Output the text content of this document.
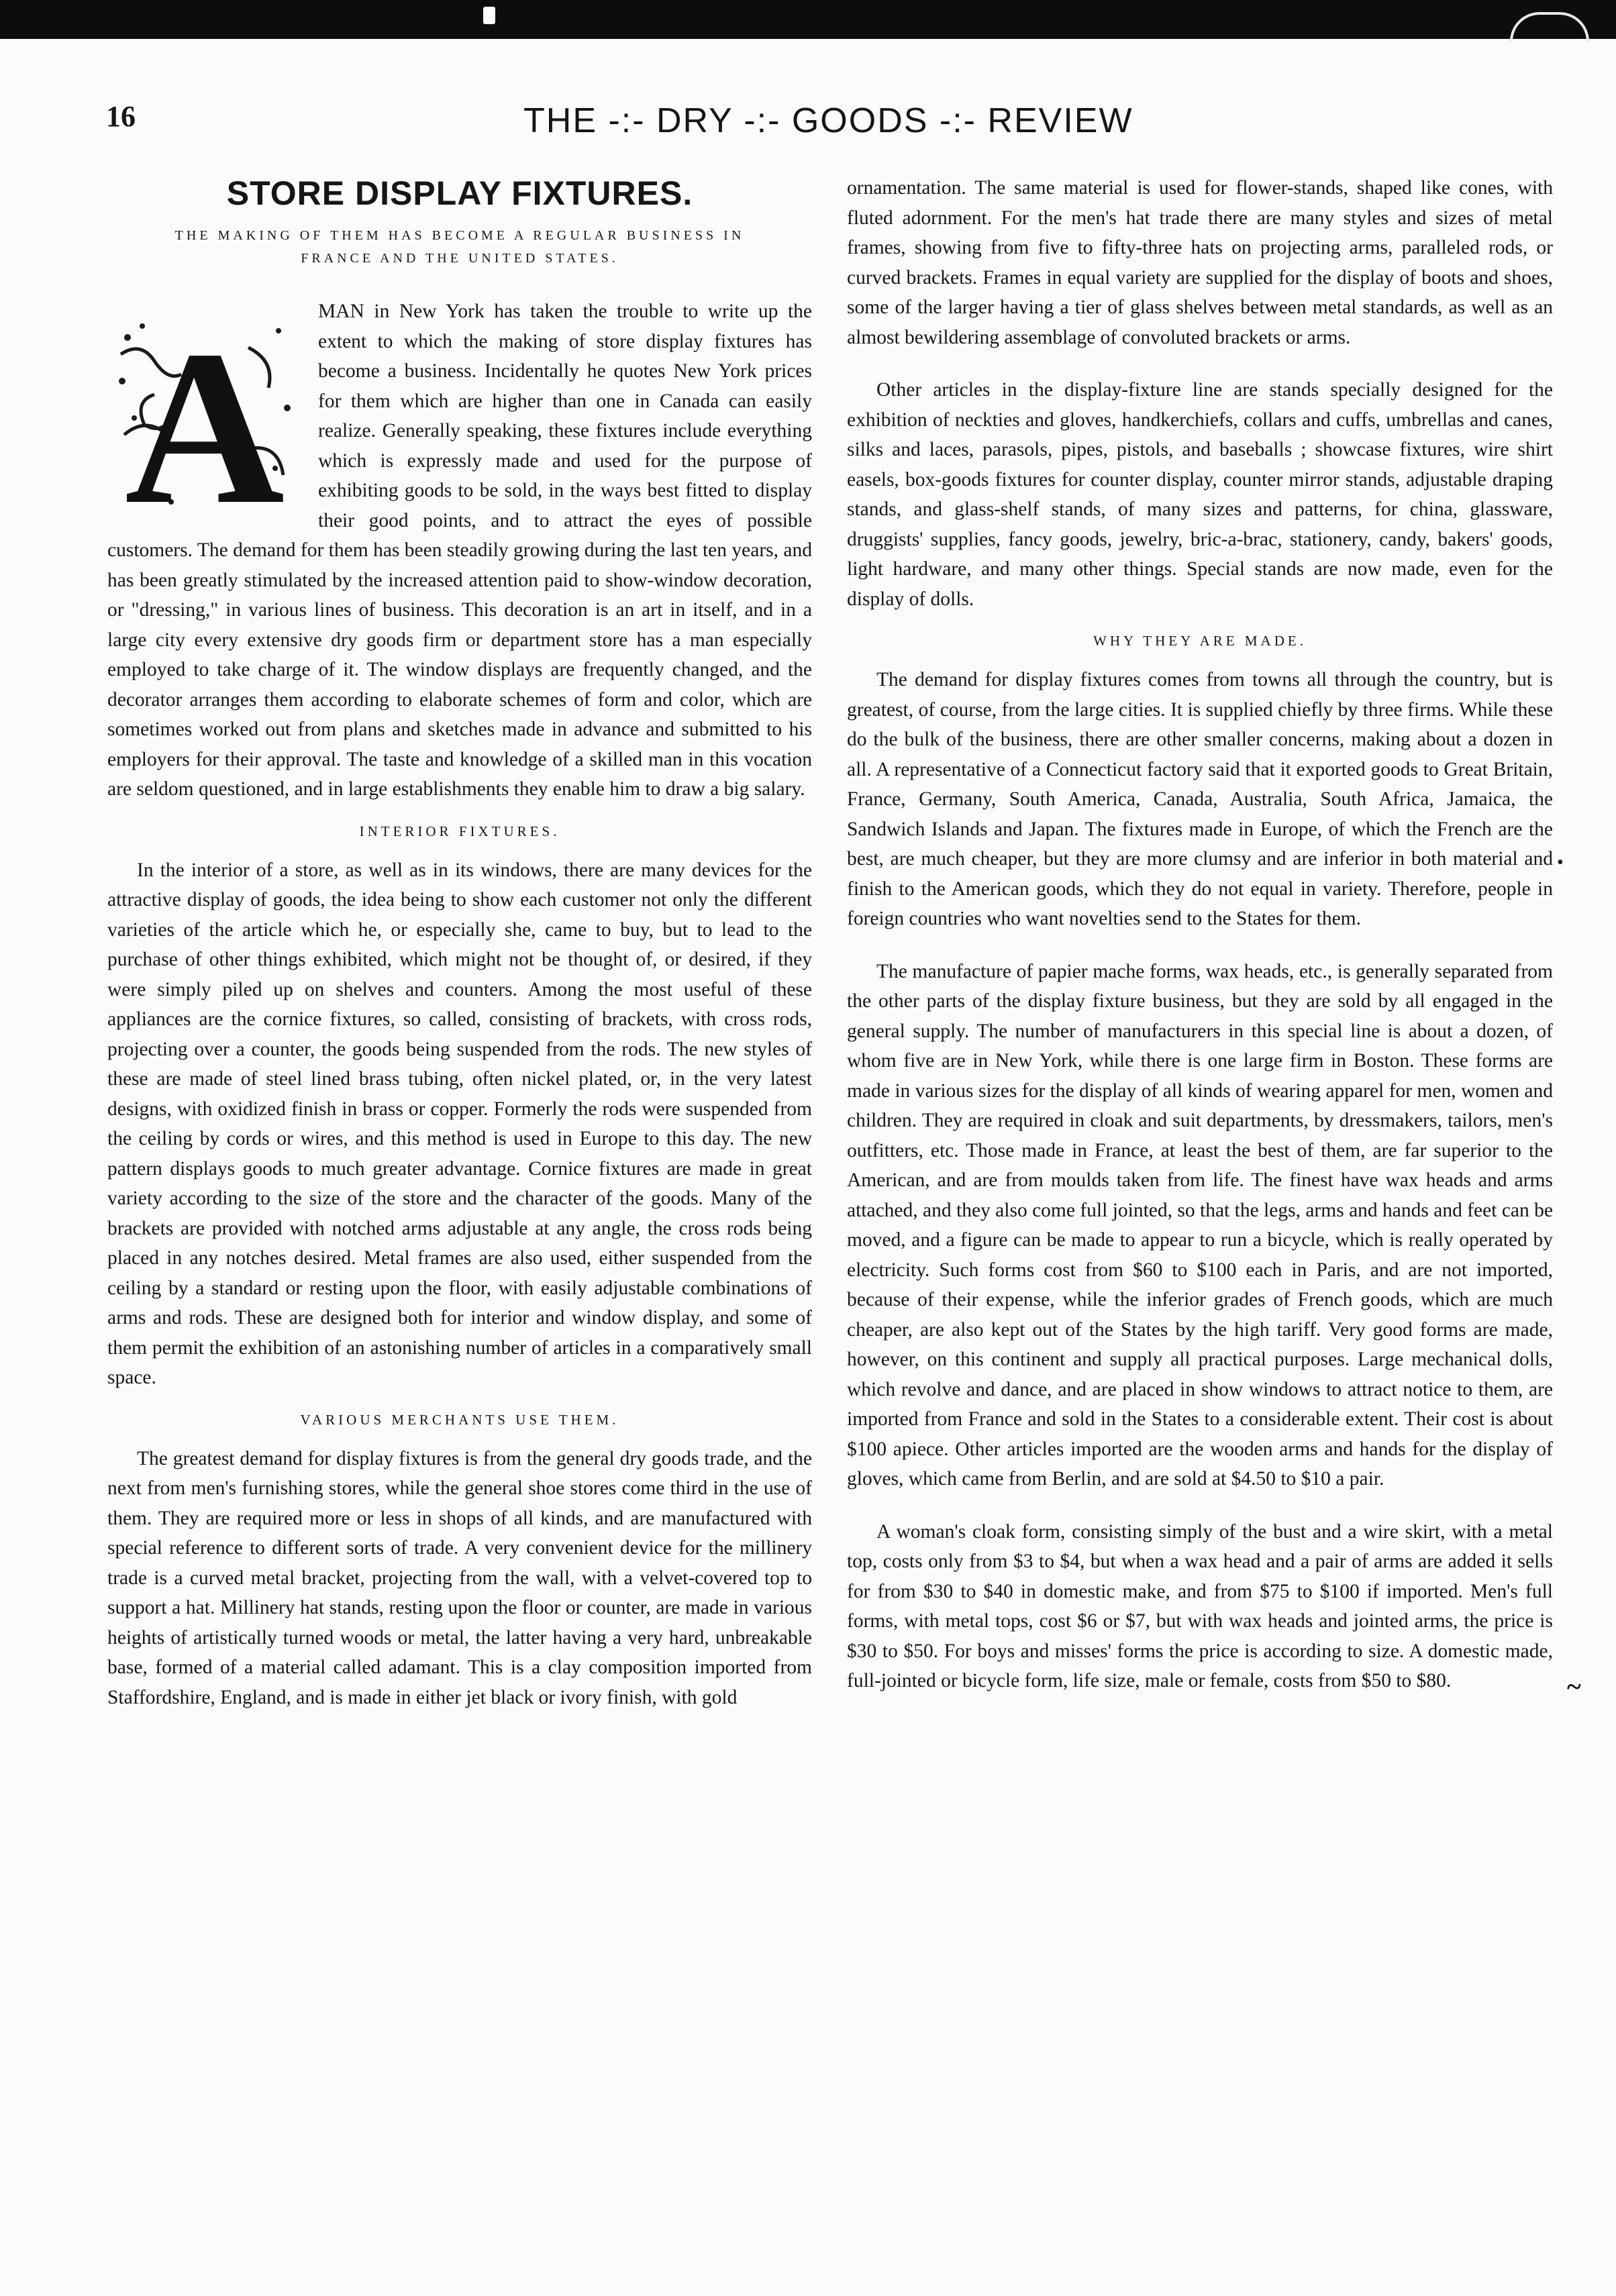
16	THE -:- DRY -:- GOODS -:- REVIEW
STORE DISPLAY FIXTURES.
THE MAKING OF THEM HAS BECOME A REGULAR BUSINESS IN FRANCE AND THE UNITED STATES.
A	MAN in New York has taken the trouble to write up the extent to which the making of store display fixtures has become a business. Incidentally he quotes New York prices for them which are higher than one in Canada can easily realize. Generally speaking, these fixtures include everything which is expressly made and used for the purpose of exhibiting goods to be sold, in the ways best fitted to display their good points, and to attract the eyes of possible customers. The demand for them has been steadily growing during the last ten years, and has been greatly stimulated by the increased attention paid to show-window decoration, or "dressing," in various lines of business. This decoration is an art in itself, and in a large city every extensive dry goods firm or department store has a man especially employed to take charge of it. The window displays are frequently changed, and the decorator arranges them according to elaborate schemes of form and color, which are sometimes worked out from plans and sketches made in advance and submitted to his employers for their approval. The taste and knowledge of a skilled man in this vocation are seldom questioned, and in large establishments they enable him to draw a big salary.

INTERIOR FIXTURES.

In the interior of a store, as well as in its windows, there are many devices for the attractive display of goods, the idea being to show each customer not only the different varieties of the article which he, or especially she, came to buy, but to lead to the purchase of other things exhibited, which might not be thought of, or desired, if they were simply piled up on shelves and counters. Among the most useful of these appliances are the cornice fixtures, so called, consisting of brackets, with cross rods, projecting over a counter, the goods being suspended from the rods. The new styles of these are made of steel lined brass tubing, often nickel plated, or, in the very latest designs, with oxidized finish in brass or copper. Formerly the rods were suspended from the ceiling by cords or wires, and this method is used in Europe to this day. The new pattern displays goods to much greater advantage. Cornice fixtures are made in great variety according to the size of the store and the character of the goods. Many of the brackets are provided with notched arms adjustable at any angle, the cross rods being placed in any notches desired. Metal frames are also used, either suspended from the ceiling by a standard or resting upon the floor, with easily adjustable combinations of arms and rods. These are designed both for interior and window display, and some of them permit the exhibition of an astonishing number of articles in a comparatively small space.

VARIOUS MERCHANTS USE THEM.

The greatest demand for display fixtures is from the general dry goods trade, and the next from men's furnishing stores, while the general shoe stores come third in the use of them. They are required more or less in shops of all kinds, and are manufactured with special reference to different sorts of trade. A very convenient device for the millinery trade is a curved metal bracket, projecting from the wall, with a velvet-covered top to support a hat. Millinery hat stands, resting upon the floor or counter, are made in various heights of artistically turned woods or metal, the latter having a very hard, unbreakable base, formed of a material called adamant. This is a clay composition imported from Staffordshire, England, and is made in either jet black or ivory finish, with gold

ornamentation. The same material is used for flower-stands, shaped like cones, with fluted adornment. For the men's hat trade there are many styles and sizes of metal frames, showing from five to fifty-three hats on projecting arms, paralleled rods, or curved brackets. Frames in equal variety are supplied for the display of boots and shoes, some of the larger having a tier of glass shelves between metal standards, as well as an almost bewildering assemblage of convoluted brackets or arms.

Other articles in the display-fixture line are stands specially designed for the exhibition of neckties and gloves, handkerchiefs, collars and cuffs, umbrellas and canes, silks and laces, parasols, pipes, pistols, and baseballs ; showcase fixtures, wire shirt easels, box-goods fixtures for counter display, counter mirror stands, adjustable draping stands, and glass-shelf stands, of many sizes and patterns, for china, glassware, druggists' supplies, fancy goods, jewelry, bric-a-brac, stationery, candy, bakers' goods, light hardware, and many other things. Special stands are now made, even for the display of dolls.

WHY THEY ARE MADE.

The demand for display fixtures comes from towns all through the country, but is greatest, of course, from the large cities. It is supplied chiefly by three firms. While these do the bulk of the business, there are other smaller concerns, making about a dozen in all. A representative of a Connecticut factory said that it exported goods to Great Britain, France, Germany, South America, Canada, Australia, South Africa, Jamaica, the Sandwich Islands and Japan. The fixtures made in Europe, of which the French are the best, are much cheaper, but they are more clumsy and are inferior in both material and finish to the American goods, which they do not equal in variety. Therefore, people in foreign countries who want novelties send to the States for them.

The manufacture of papier mache forms, wax heads, etc., is generally separated from the other parts of the display fixture business, but they are sold by all engaged in the general supply. The number of manufacturers in this special line is about a dozen, of whom five are in New York, while there is one large firm in Boston. These forms are made in various sizes for the display of all kinds of wearing apparel for men, women and children. They are required in cloak and suit departments, by dressmakers, tailors, men's outfitters, etc. Those made in France, at least the best of them, are far superior to the American, and are from moulds taken from life. The finest have wax heads and arms attached, and they also come full jointed, so that the legs, arms and hands and feet can be moved, and a figure can be made to appear to run a bicycle, which is really operated by electricity. Such forms cost from $60 to $100 each in Paris, and are not imported, because of their expense, while the inferior grades of French goods, which are much cheaper, are also kept out of the States by the high tariff. Very good forms are made, however, on this continent and supply all practical purposes. Large mechanical dolls, which revolve and dance, and are placed in show windows to attract notice to them, are imported from France and sold in the States to a considerable extent. Their cost is about $100 apiece. Other articles imported are the wooden arms and hands for the display of gloves, which came from Berlin, and are sold at $4.50 to $10 a pair.

A woman's cloak form, consisting simply of the bust and a wire skirt, with a metal top, costs only from $3 to $4, but when a wax head and a pair of arms are added it sells for from $30 to $40 in domestic make, and from $75 to $100 if imported. Men's full forms, with metal tops, cost $6 or $7, but with wax heads and jointed arms, the price is $30 to $50. For boys and misses' forms the price is according to size. A domestic made, full-jointed or bicycle form, life size, male or female, costs from $50 to $80.

•
~
